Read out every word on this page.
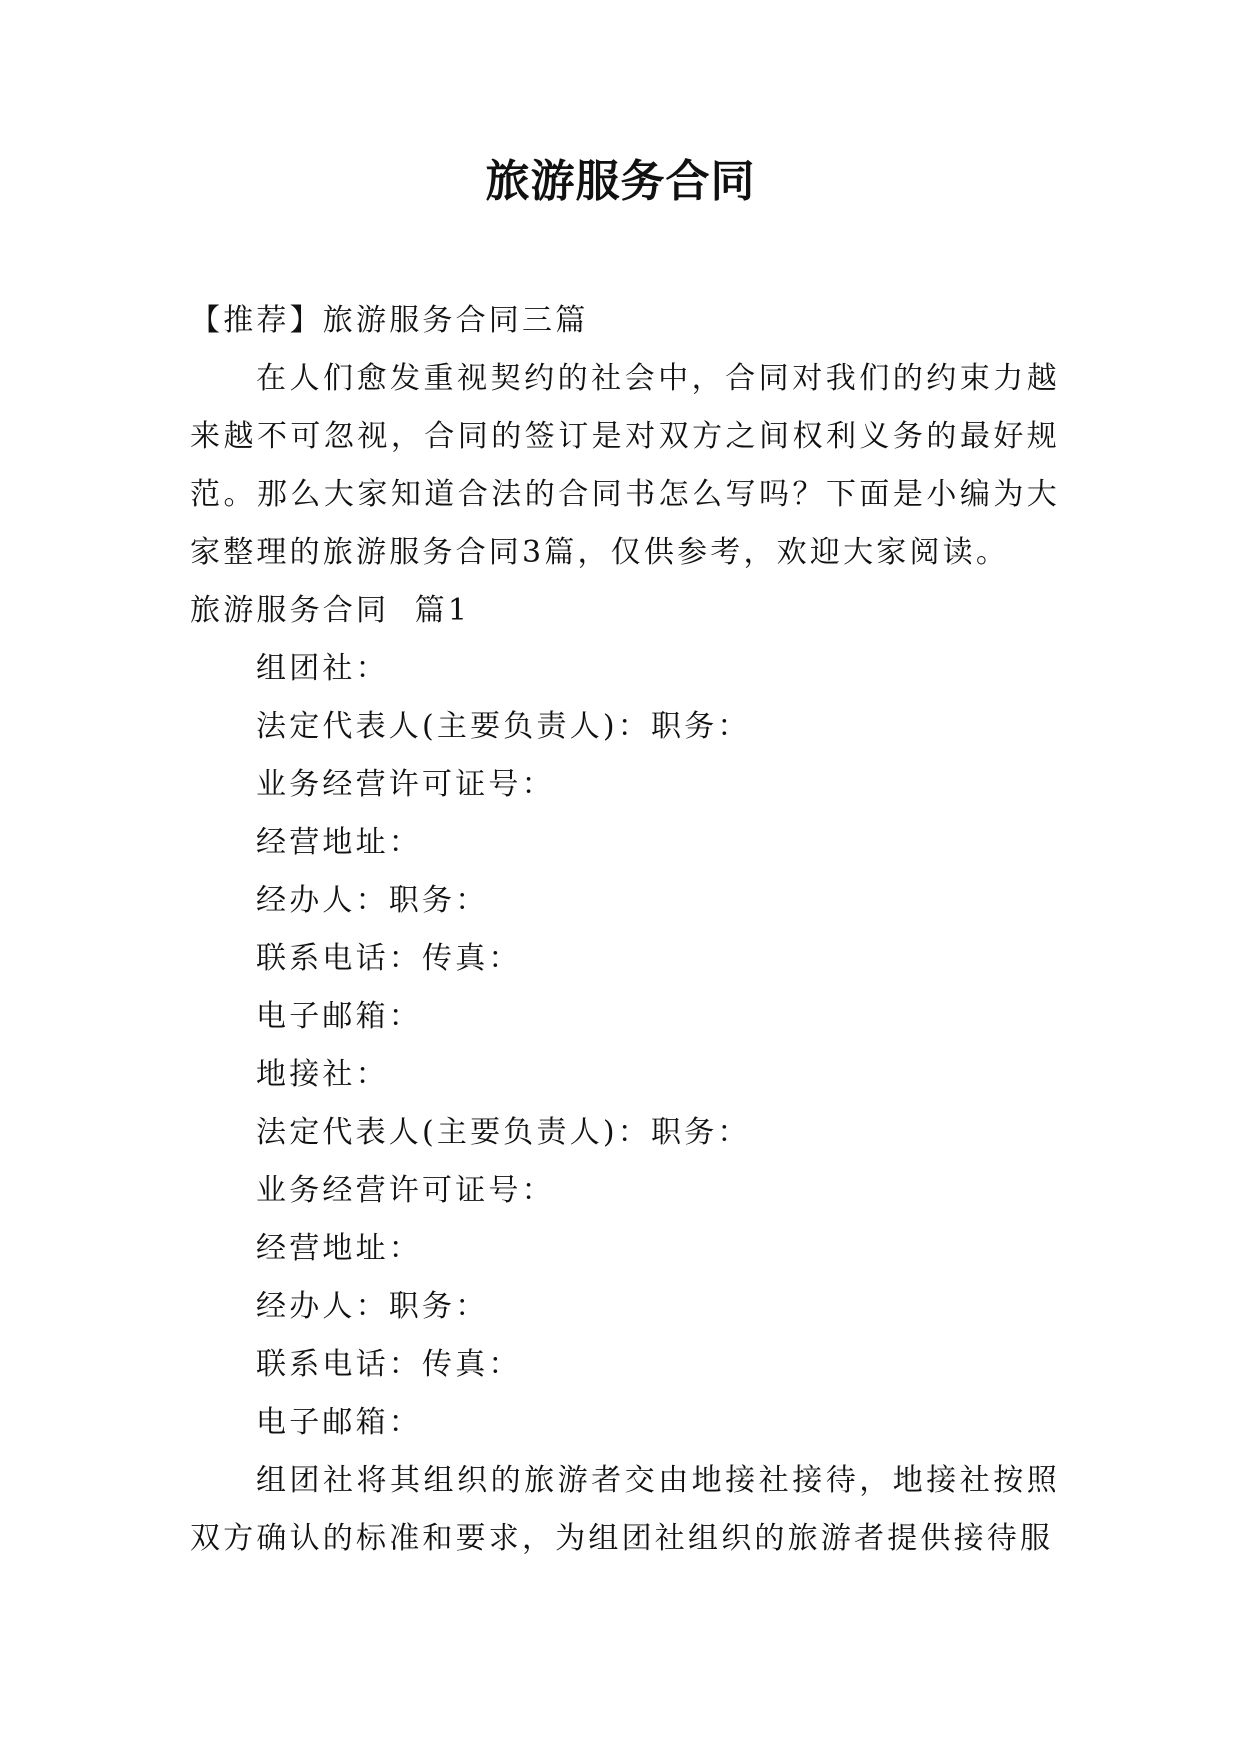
旅游服务合同
【推荐】旅游服务合同三篇
在人们愈发重视契约的社会中，合同对我们的约束力越来越不可忽视，合同的签订是对双方之间权利义务的最好规范。那么大家知道合法的合同书怎么写吗？下面是小编为大家整理的旅游服务合同3篇，仅供参考，欢迎大家阅读。
旅游服务合同  篇1
组团社：
法定代表人(主要负责人)：职务：
业务经营许可证号：
经营地址：
经办人：职务：
联系电话：传真：
电子邮箱：
地接社：
法定代表人(主要负责人)：职务：
业务经营许可证号：
经营地址：
经办人：职务：
联系电话：传真：
电子邮箱：
组团社将其组织的旅游者交由地接社接待，地接社按照双方确认的标准和要求，为组团社组织的旅游者提供接待服
